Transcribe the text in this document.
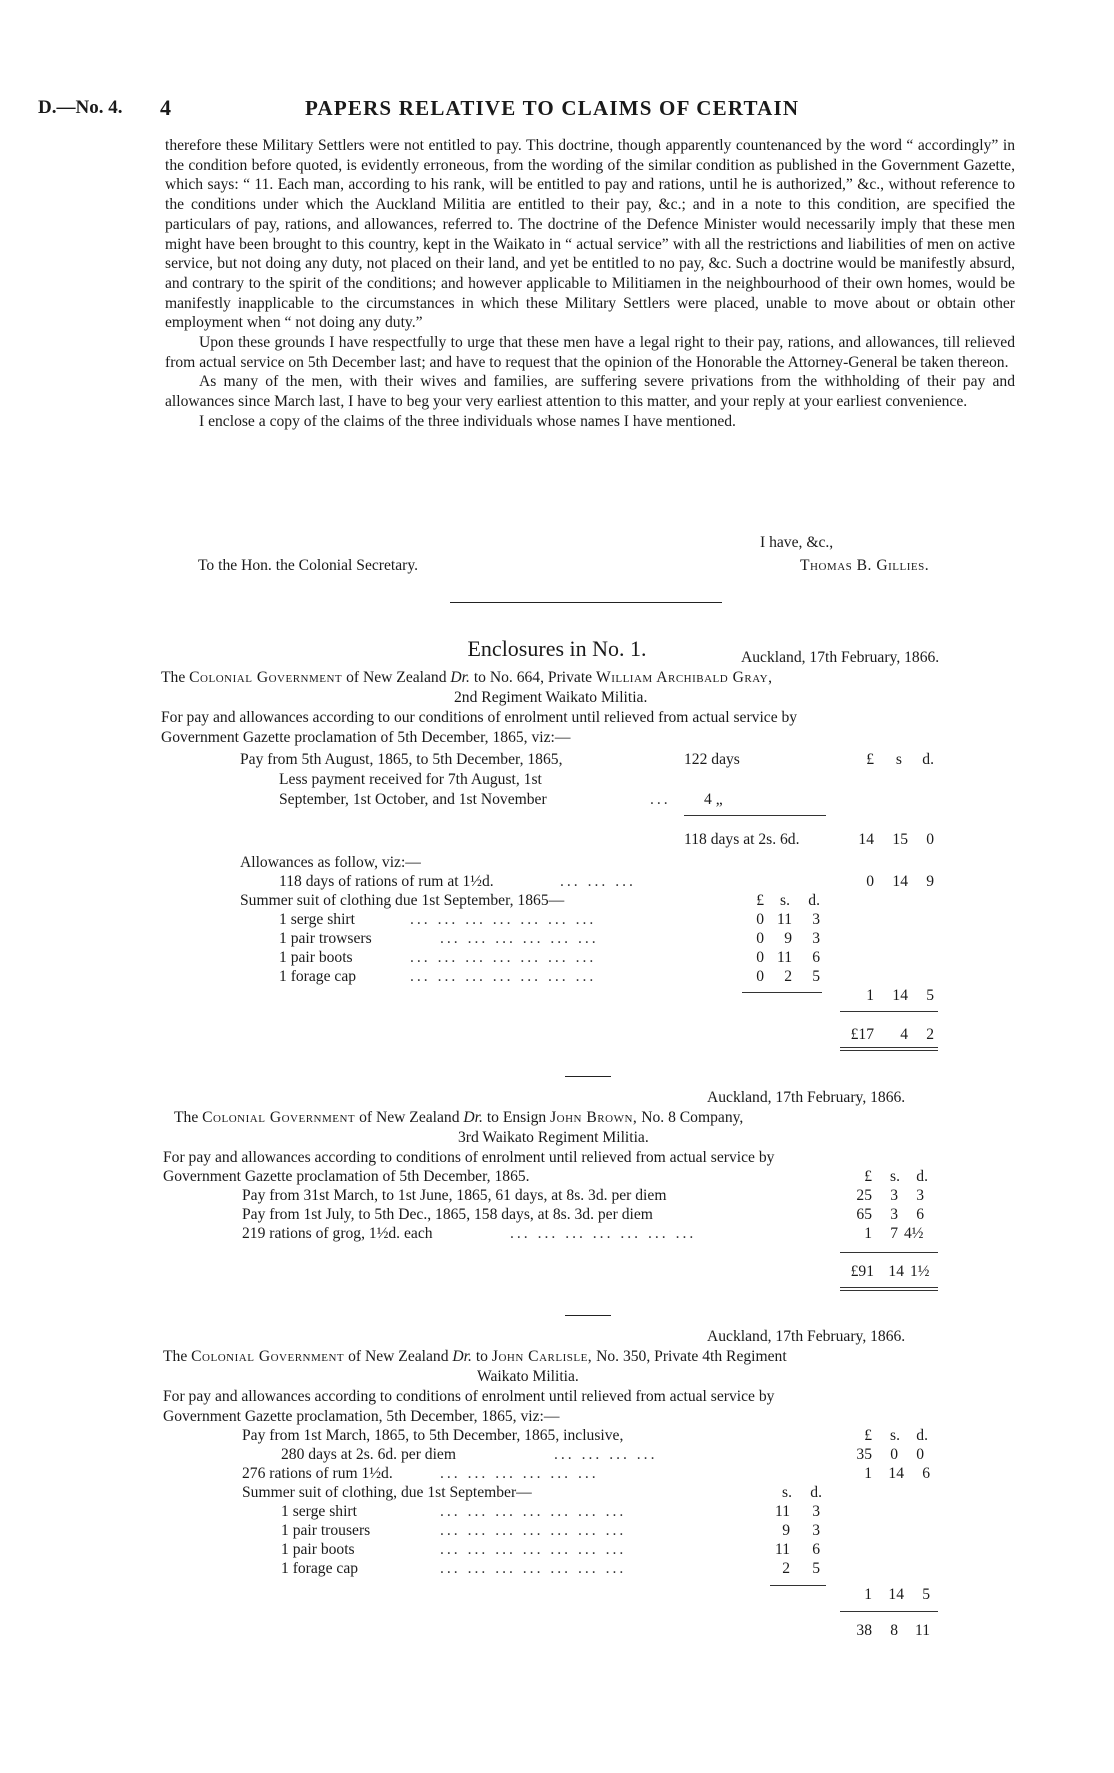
D.—No. 4. 4	PAPERS RELATIVE TO CLAIMS OF CERTAIN

therefore these Military Settlers were not entitled to pay. This doctrine, though apparently countenanced by the word “ accordingly” in the condition before quoted, is evidently erroneous, from the wording of the similar condition as published in the Government Gazette, which says: “ 11. Each man, according to his rank, will be entitled to pay and rations, until he is authorized,” &c., without reference to the conditions under which the Auckland Militia are entitled to their pay, &c.; and in a note to this condition, are specified the particulars of pay, rations, and allowances, referred to. The doctrine of the Defence Minister would necessarily imply that these men might have been brought to this country, kept in the Waikato in “ actual service” with all the restrictions and liabilities of men on active service, but not doing any duty, not placed on their land, and yet be entitled to no pay, &c. Such a doctrine would be manifestly absurd, and contrary to the spirit of the conditions; and however applicable to Militiamen in the neighbourhood of their own homes, would be manifestly inapplicable to the circumstances in which these Military Settlers were placed, unable to move about or obtain other employment when “ not doing any duty.”

Upon these grounds I have respectfully to urge that these men have a legal right to their pay, rations, and allowances, till relieved from actual service on 5th December last; and have to request that the opinion of the Honorable the Attorney-General be taken thereon.

As many of the men, with their wives and families, are suffering severe privations from the withholding of their pay and allowances since March last, I have to beg your very earliest attention to this matter, and your reply at your earliest convenience.

I enclose a copy of the claims of the three individuals whose names I have mentioned.

I have, &c.,
To the Hon. the Colonial Secretary.	Thomas B. Gillies.
Enclosures in No. 1.	Auckland, 17th February, 1866.
The Colonial Government of New Zealand Dr. to No. 664, Private William Archibald Gray,
2nd Regiment Waikato Militia.
For pay and allowances according to our conditions of enrolment until relieved from actual service by
Government Gazette proclamation of 5th December, 1865, viz:—
Pay from 5th August, 1865, to 5th December, 1865,	122 days	£	s	d.
Less payment received for 7th August, 1st
September, 1st October, and 1st November	... 4 „
118 days at 2s. 6d.	14	15	0
Allowances as follow, viz:—
118 days of rations of rum at 1½d.	... ... ...	0	14	9
Summer suit of clothing due 1st September, 1865—	£	s.	d.
1 serge shirt	... ... ... ... ... ... ...	0 11	3
1 pair trowsers	... ... ... ... ... ...	0	9	3
1 pair boots	... ... ... ... ... ... ...	0 11	6
1 forage cap	... ... ... ... ... ... ...	0	2	5
1	14	5
£17	4	2
Auckland, 17th February, 1866.
The Colonial Government of New Zealand Dr. to Ensign John Brown, No. 8 Company,
3rd Waikato Regiment Militia.
For pay and allowances according to conditions of enrolment until relieved from actual service by
Government Gazette proclamation of 5th December, 1865.	£	s.	d.
Pay from 31st March, to 1st June, 1865, 61 days, at 8s. 3d. per diem	25	3	3
Pay from 1st July, to 5th Dec., 1865, 158 days, at 8s. 3d. per diem	65	3	6
219 rations of grog, 1½d. each	... ... ... ... ... ... ...	1	7 4½
£91 14 1½
Auckland, 17th February, 1866.
The Colonial Government of New Zealand Dr. to John Carlisle, No. 350, Private 4th Regiment
Waikato Militia.
For pay and allowances according to conditions of enrolment until relieved from actual service by
Government Gazette proclamation, 5th December, 1865, viz:—
Pay from 1st March, 1865, to 5th December, 1865, inclusive,	£	s.	d.
280 days at 2s. 6d. per diem	... ... ... ...	35	0	0
276 rations of rum 1½d.	... ... ... ... ... ...	1	14	6
Summer suit of clothing, due 1st September—	s.	d.
1 serge shirt	... ... ... ... ... ... ...	11	3
1 pair trousers	... ... ... ... ... ... ...	9	3
1 pair boots	... ... ... ... ... ... ...	11	6
1 forage cap	... ... ... ... ... ... ...	2	5
1	14	5
38	8	11
